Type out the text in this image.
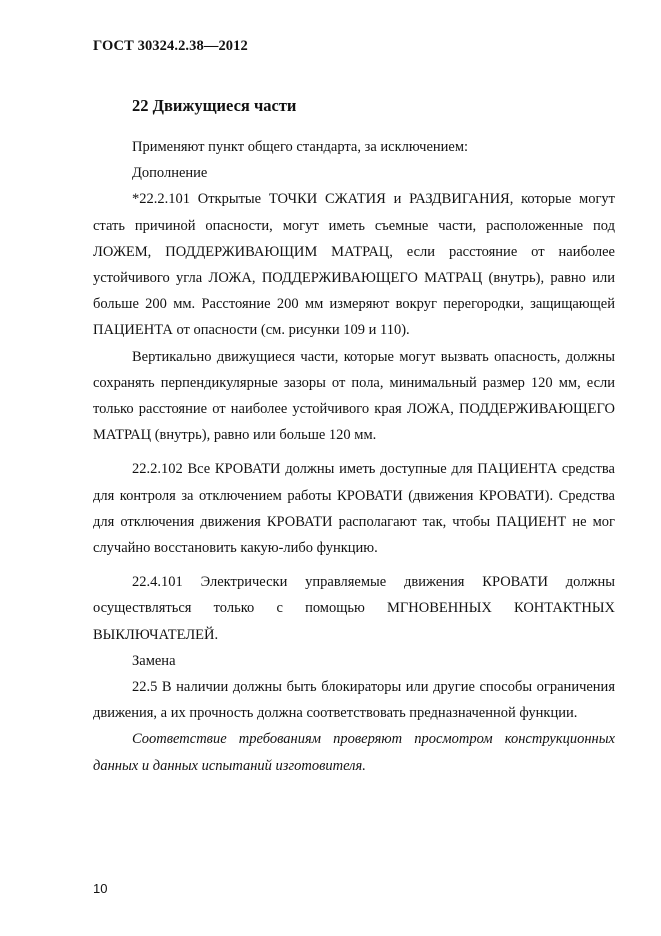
ГОСТ 30324.2.38—2012
22 Движущиеся части

Применяют пункт общего стандарта, за исключением:

Дополнение

*22.2.101 Открытые ТОЧКИ СЖАТИЯ и РАЗДВИГАНИЯ, которые могут стать причиной опасности, могут иметь съемные части, расположенные под ЛОЖЕМ, ПОДДЕРЖИВАЮЩИМ МАТРАЦ, если расстояние от наиболее устойчивого угла ЛОЖА, ПОДДЕРЖИВАЮЩЕГО МАТРАЦ (внутрь), равно или больше 200 мм. Расстояние 200 мм измеряют вокруг перегородки, защищающей ПАЦИЕНТА от опасности (см. рисунки 109 и 110).

Вертикально движущиеся части, которые могут вызвать опасность, должны сохранять перпендикулярные зазоры от пола, минимальный размер 120 мм, если только расстояние от наиболее устойчивого края ЛОЖА, ПОДДЕРЖИВАЮЩЕГО МАТРАЦ (внутрь), равно или больше 120 мм.

22.2.102 Все КРОВАТИ должны иметь доступные для ПАЦИЕНТА средства для контроля за отключением работы КРОВАТИ (движения КРОВАТИ). Средства для отключения движения КРОВАТИ располагают так, чтобы ПАЦИЕНТ не мог случайно восстановить какую-либо функцию.

22.4.101 Электрически управляемые движения КРОВАТИ должны осуществляться только с помощью МГНОВЕННЫХ КОНТАКТНЫХ ВЫКЛЮЧАТЕЛЕЙ.

Замена

22.5 В наличии должны быть блокираторы или другие способы ограничения движения, а их прочность должна соответствовать предназначенной функции.

Соответствие требованиям проверяют просмотром конструкционных данных и данных испытаний изготовителя.

10
